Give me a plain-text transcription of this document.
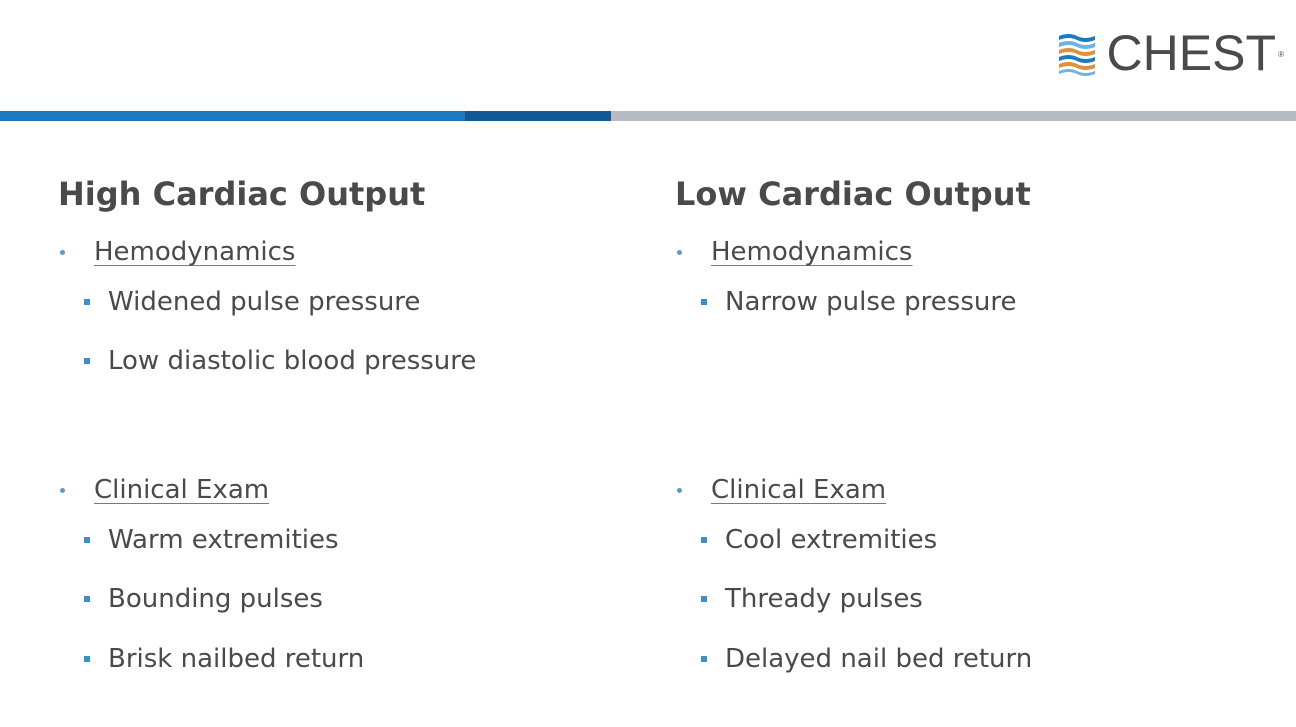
CHEST ®
High Cardiac Output
Hemodynamics
Widened pulse pressure
Low diastolic blood pressure
Clinical Exam
Warm extremities
Bounding pulses
Brisk nailbed return
Low Cardiac Output
Hemodynamics
Narrow pulse pressure
Clinical Exam
Cool extremities
Thready pulses
Delayed nail bed return
